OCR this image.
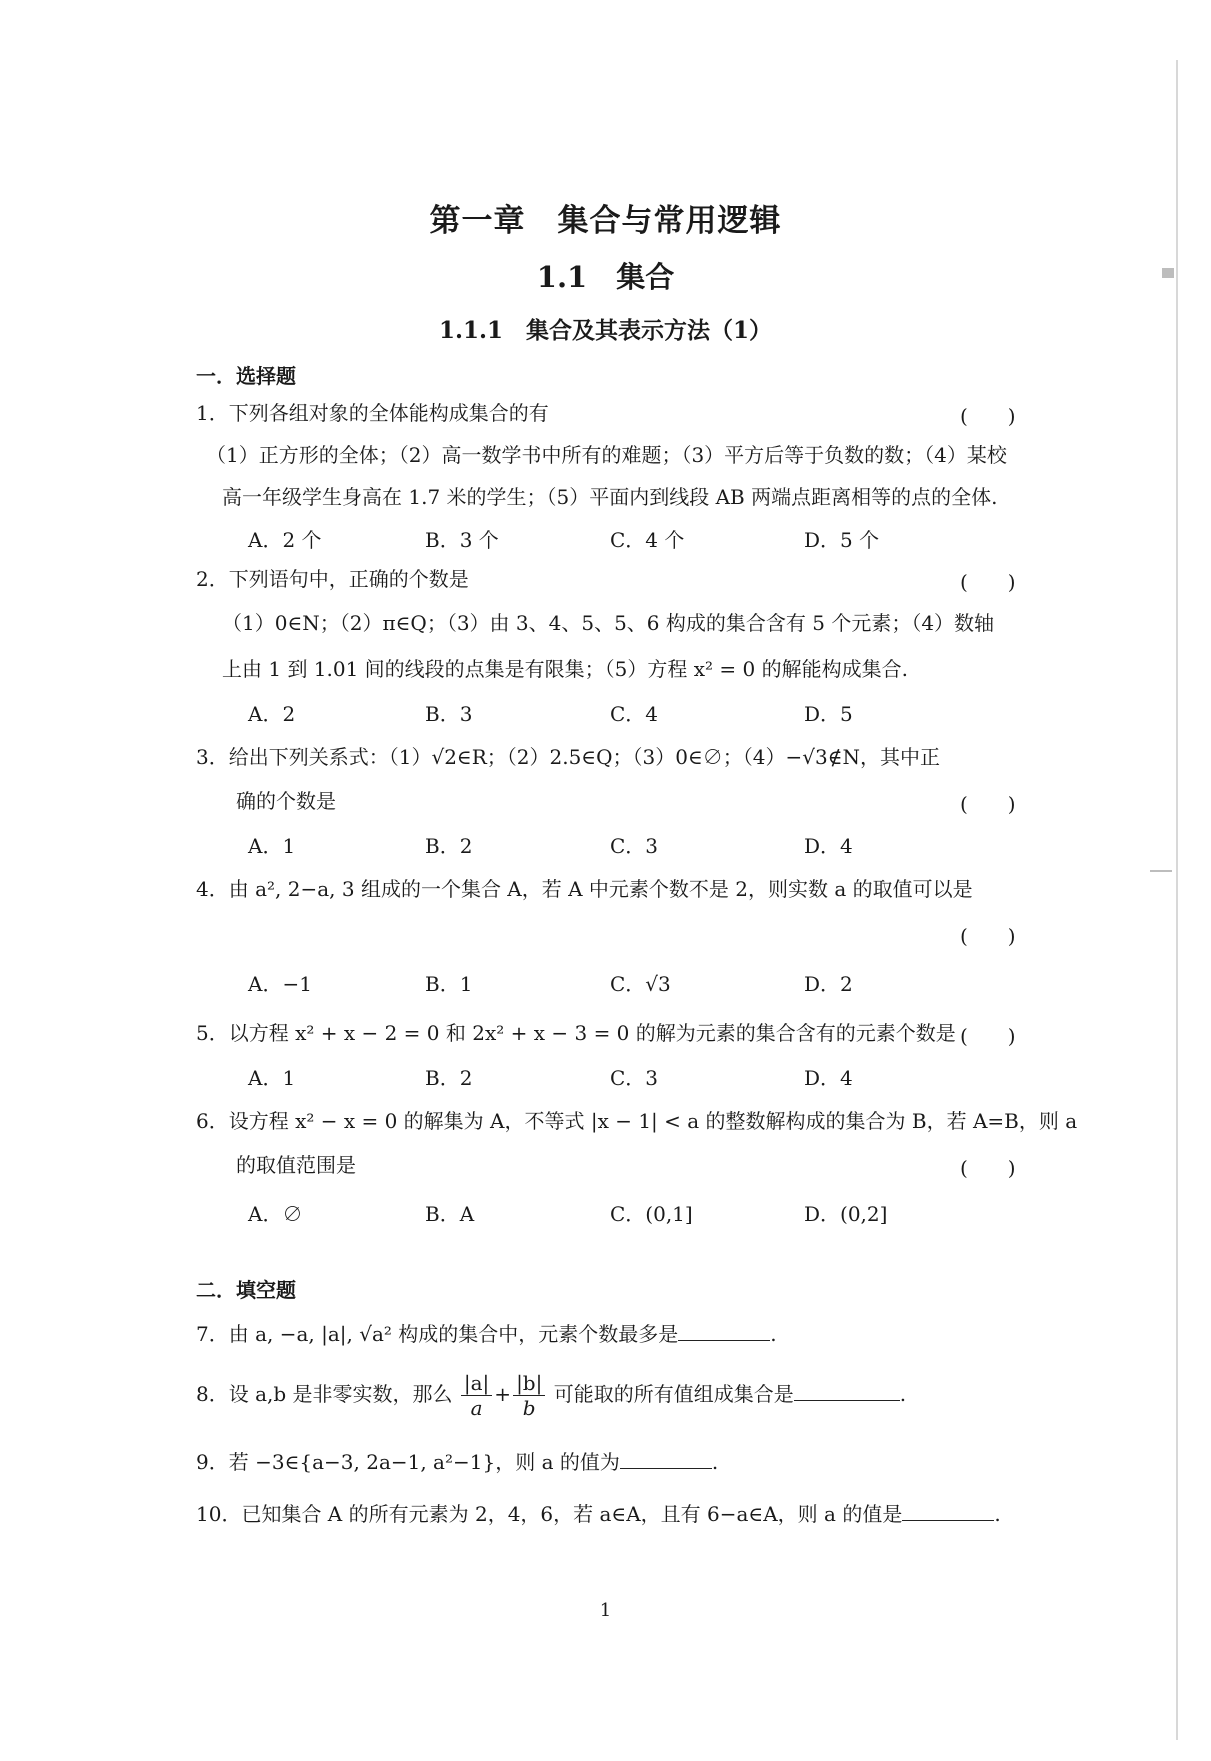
第一章　集合与常用逻辑
1.1　集合
1.1.1　集合及其表示方法（1）
一．选择题
1．下列各组对象的全体能构成集合的有	(　　)
（1）正方形的全体；（2）高一数学书中所有的难题；（3）平方后等于负数的数；（4）某校
高一年级学生身高在 1.7 米的学生；（5）平面内到线段 AB 两端点距离相等的点的全体.
A．2 个	B．3 个	C．4 个	D．5 个
2．下列语句中，正确的个数是	(　　)
（1）0∈N；（2）π∈Q；（3）由 3、4、5、5、6 构成的集合含有 5 个元素；（4）数轴
上由 1 到 1.01 间的线段的点集是有限集；（5）方程 x² = 0 的解能构成集合.
A．2	B．3	C．4	D．5
3．给出下列关系式：（1）√2∈R；（2）2.5∈Q；（3）0∈∅；（4）−√3∉N，其中正
确的个数是	(　　)
A．1	B．2	C．3	D．4
4．由 a², 2−a, 3 组成的一个集合 A，若 A 中元素个数不是 2，则实数 a 的取值可以是
(　　)
A．−1	B．1	C．√3	D．2
5．以方程 x² + x − 2 = 0 和 2x² + x − 3 = 0 的解为元素的集合含有的元素个数是 (　　)
A．1	B．2	C．3	D．4
6．设方程 x² − x = 0 的解集为 A，不等式 |x − 1| < a 的整数解构成的集合为 B，若 A=B，则 a
的取值范围是	(　　)
A．∅	B．A	C．(0,1]	D．(0,2]
二．填空题
7．由 a, −a, |a|, √a² 构成的集合中，元素个数最多是	.
8．设 a,b 是非零实数，那么 $\frac{|a|}{a} + \frac{|b|}{b}$ 可能取的所有值组成集合是	.
9．若 −3∈{a−3, 2a−1, a²−1}，则 a 的值为	.
10．已知集合 A 的所有元素为 2，4，6，若 a∈A，且有 6−a∈A，则 a 的值是	.
1
